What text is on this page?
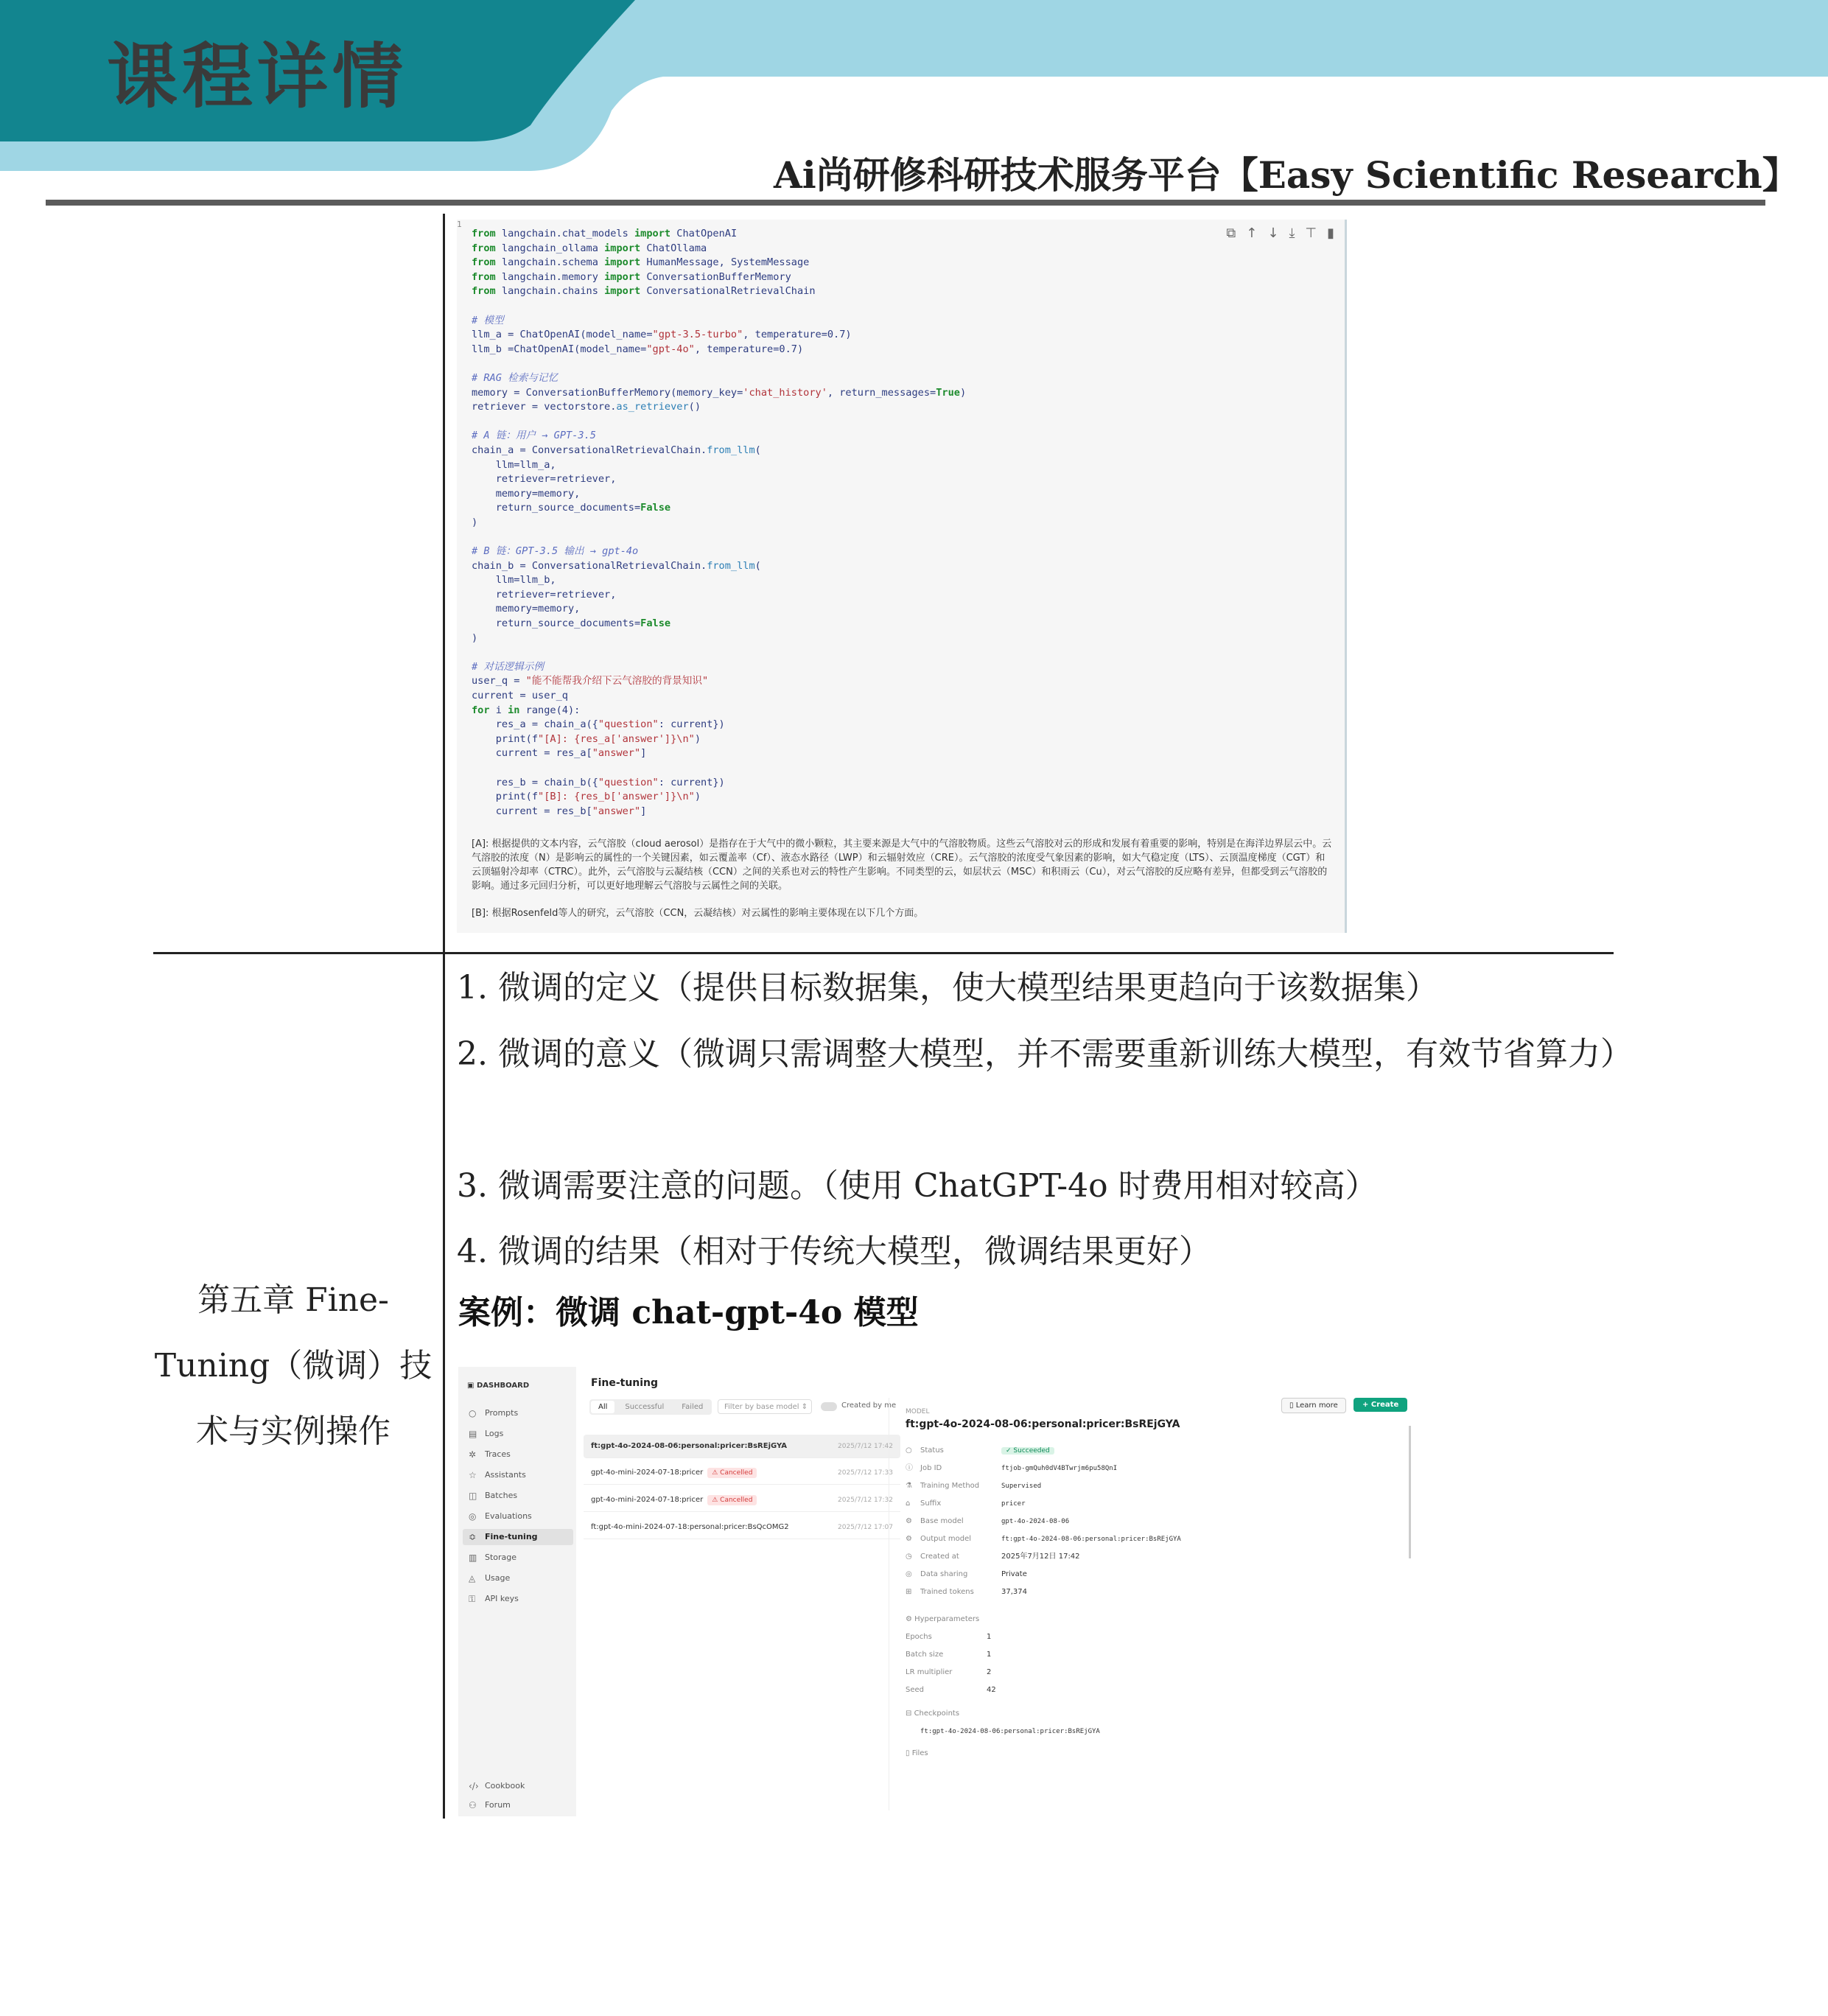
课程详情
Ai尚研修科研技术服务平台【Easy Scientific Research】
1
⧉ ↑ ↓ ⤓ ⊤ ▮
from langchain.chat_models import ChatOpenAI
from langchain_ollama import ChatOllama
from langchain.schema import HumanMessage, SystemMessage
from langchain.memory import ConversationBufferMemory
from langchain.chains import ConversationalRetrievalChain

# 模型
llm_a = ChatOpenAI(model_name="gpt-3.5-turbo", temperature=0.7)
llm_b =ChatOpenAI(model_name="gpt-4o", temperature=0.7)

# RAG 检索与记忆
memory = ConversationBufferMemory(memory_key='chat_history', return_messages=True)
retriever = vectorstore.as_retriever()

# A 链：用户 → GPT-3.5
chain_a = ConversationalRetrievalChain.from_llm(
llm=llm_a,
retriever=retriever,
memory=memory,
return_source_documents=False
)

# B 链：GPT-3.5 输出 → gpt-4o
chain_b = ConversationalRetrievalChain.from_llm(
llm=llm_b,
retriever=retriever,
memory=memory,
return_source_documents=False
)

# 对话逻辑示例
user_q = "能不能帮我介绍下云气溶胶的背景知识"
current = user_q
for i in range(4):
res_a = chain_a({"question": current})
print(f"[A]: {res_a['answer']}\n")
current = res_a["answer"]

res_b = chain_b({"question": current})
print(f"[B]: {res_b['answer']}\n")
current = res_b["answer"]

[A]: 根据提供的文本内容，云气溶胶（cloud aerosol）是指存在于大气中的微小颗粒，其主要来源是大气中的气溶胶物质。这些云气溶胶对云的形成和发展有着重要的影响，特别是在海洋边界层云中。云气溶胶的浓度（N）是影响云的属性的一个关键因素，如云覆盖率（Cf）、液态水路径（LWP）和云辐射效应（CRE）。云气溶胶的浓度受气象因素的影响，如大气稳定度（LTS）、云顶温度梯度（CGT）和云顶辐射冷却率（CTRC）。此外，云气溶胶与云凝结核（CCN）之间的关系也对云的特性产生影响。不同类型的云，如层状云（MSC）和积雨云（Cu），对云气溶胶的反应略有差异，但都受到云气溶胶的影响。通过多元回归分析，可以更好地理解云气溶胶与云属性之间的关联。

[B]: 根据Rosenfeld等人的研究，云气溶胶（CCN，云凝结核）对云属性的影响主要体现在以下几个方面。
第五章 Fine-Tuning（微调）技术与实例操作
1. 微调的定义（提供目标数据集，使大模型结果更趋向于该数据集）
2. 微调的意义（微调只需调整大模型，并不需要重新训练大模型，有效节省算力）
3. 微调需要注意的问题。（使用 ChatGPT-4o 时费用相对较高）
4. 微调的结果（相对于传统大模型，微调结果更好）
案例：微调 chat-gpt-4o 模型
▣ DASHBOARD
○ Prompts
▤ Logs
✲ Traces
☆ Assistants
◫ Batches
◎ Evaluations
≎ Fine-tuning
▥ Storage
◬ Usage
⚿ API keys
‹/› Cookbook
⚇ Forum
Fine-tuning
All	Successful	Failed	Filter by base model ⇕	Created by me	▯ Learn more	+ Create
ft:gpt-4o-2024-08-06:personal:pricer:BsREjGYA	2025/7/12 17:42
gpt-4o-mini-2024-07-18:pricer ⚠ Cancelled	2025/7/12 17:33
gpt-4o-mini-2024-07-18:pricer ⚠ Cancelled	2025/7/12 17:32
ft:gpt-4o-mini-2024-07-18:personal:pricer:BsQcOMG2	2025/7/12 17:07
MODEL
ft:gpt-4o-2024-08-06:personal:pricer:BsREjGYA
○ Status	✓ Succeeded
ⓘ Job ID	ftjob-gmQuh0dV4BTwrjm6pu58QnI
⚗ Training Method	Supervised
⌂ Suffix	pricer
⚙ Base model	gpt-4o-2024-08-06
⚙ Output model	ft:gpt-4o-2024-08-06:personal:pricer:BsREjGYA
◷ Created at	2025年7月12日 17:42
◎ Data sharing	Private
⊞ Trained tokens	37,374
⚙ Hyperparameters
Epochs	1
Batch size	1
LR multiplier	2
Seed	42
⊟ Checkpoints
ft:gpt-4o-2024-08-06:personal:pricer:BsREjGYA
▯ Files
